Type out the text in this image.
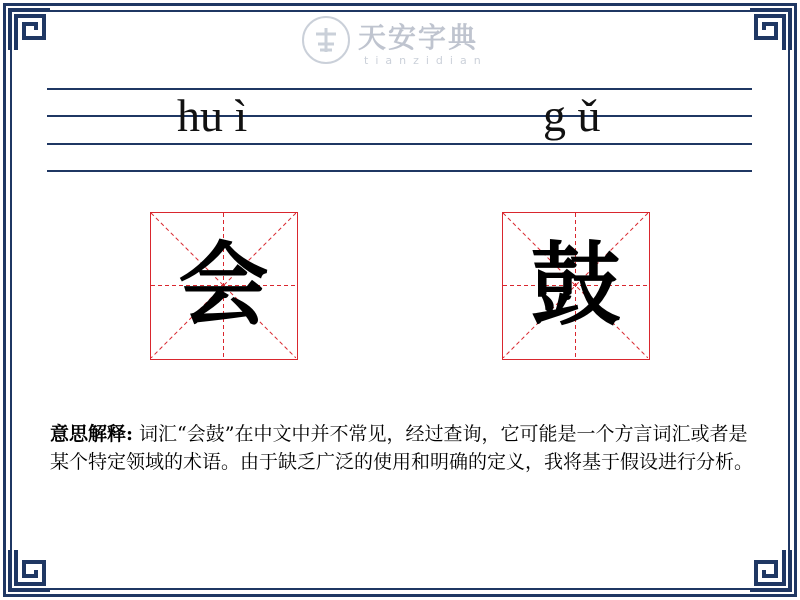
天安字典
tianzidian
hu ì	g ǔ
会	鼓
意思解释: 词汇“会鼓”在中文中并不常见，经过查询，它可能是一个方言词汇或者是某个特定领域的术语。由于缺乏广泛的使用和明确的定义，我将基于假设进行分析。
